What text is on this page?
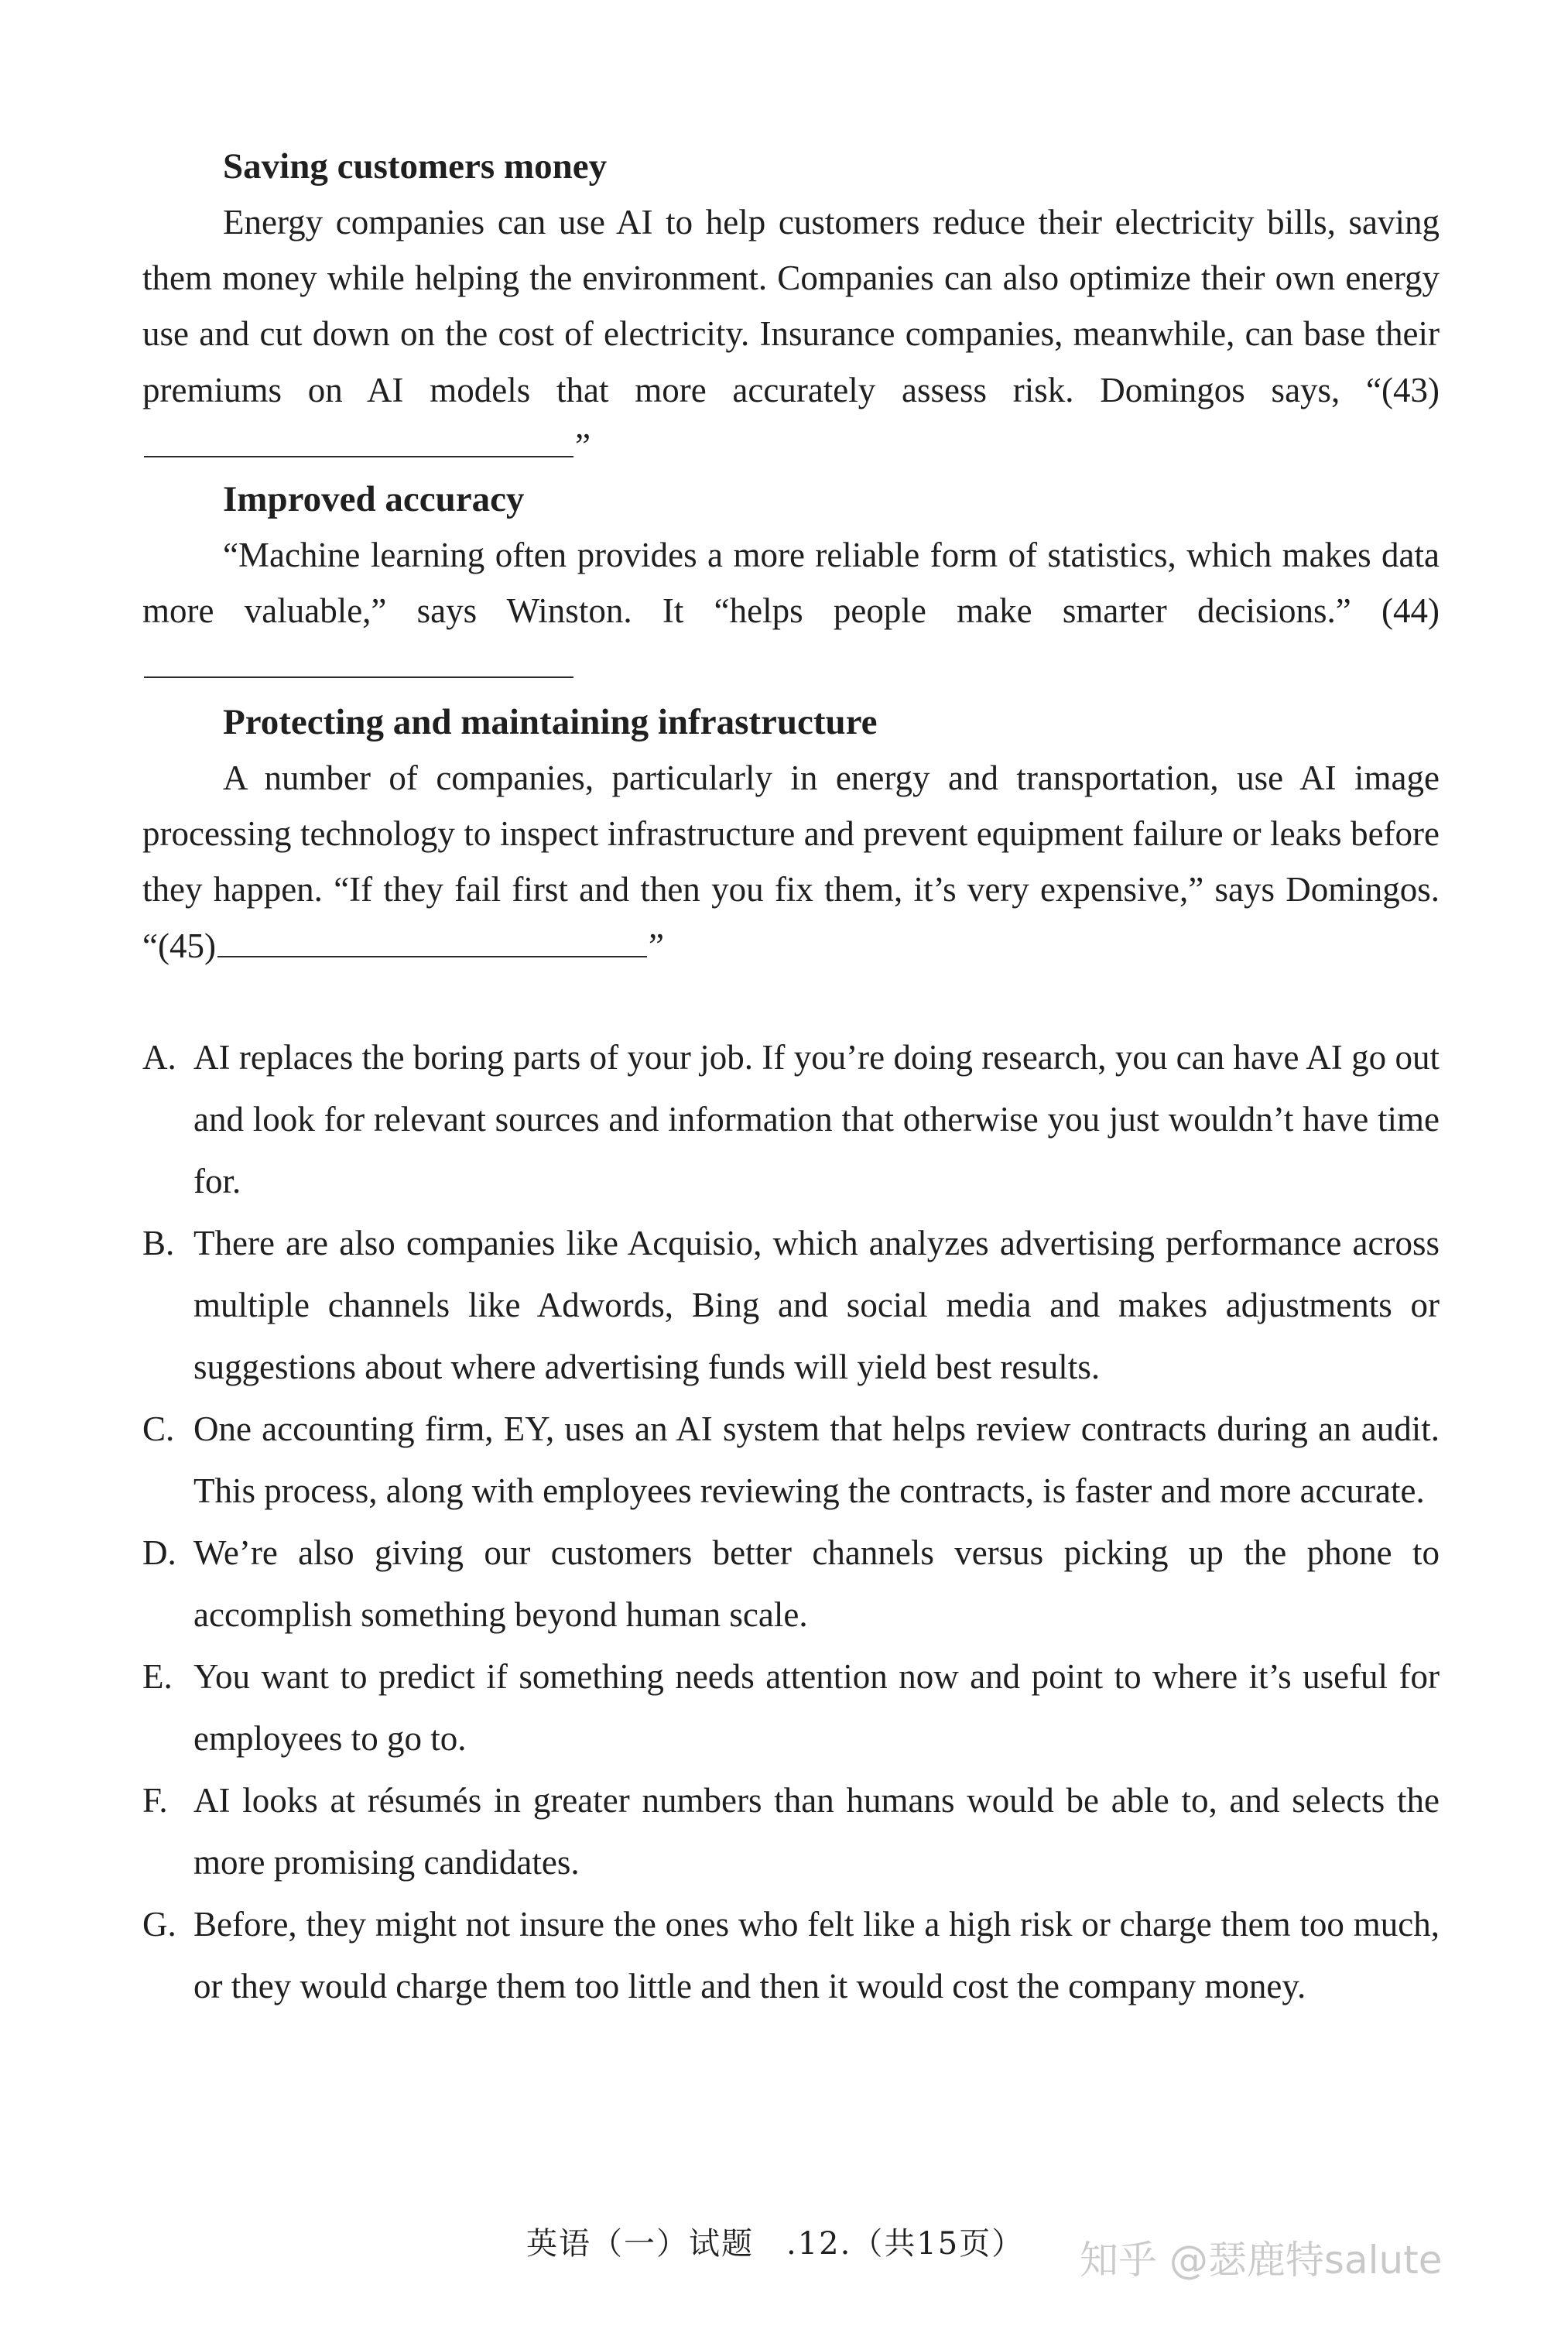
Saving customers money
Energy companies can use AI to help customers reduce their electricity bills, saving them money while helping the environment. Companies can also optimize their own energy use and cut down on the cost of electricity. Insurance companies, meanwhile, can base their premiums on AI models that more accurately assess risk. Domingos says, “(43)”
Improved accuracy
“Machine learning often provides a more reliable form of statistics, which makes data more valuable,” says Winston. It “helps people make smarter decisions.” (44)
Protecting and maintaining infrastructure
A number of companies, particularly in energy and transportation, use AI image processing technology to inspect infrastructure and prevent equipment failure or leaks before they happen. “If they fail first and then you fix them, it’s very expensive,” says Domingos. “(45)	”
A. AI replaces the boring parts of your job. If you’re doing research, you can have AI go out and look for relevant sources and information that otherwise you just wouldn’t have time for.
B. There are also companies like Acquisio, which analyzes advertising performance across multiple channels like Adwords, Bing and social media and makes adjustments or suggestions about where advertising funds will yield best results.
C. One accounting firm, EY, uses an AI system that helps review contracts during an audit. This process, along with employees reviewing the contracts, is faster and more accurate.
D. We’re also giving our customers better channels versus picking up the phone to accomplish something beyond human scale.
E. You want to predict if something needs attention now and point to where it’s useful for employees to go to.
F. AI looks at résumés in greater numbers than humans would be able to, and selects the more promising candidates.
G. Before, they might not insure the ones who felt like a high risk or charge them too much, or they would charge them too little and then it would cost the company money.
英语（一）试题　.12.（共15页） 知乎 @瑟鹿特salute
